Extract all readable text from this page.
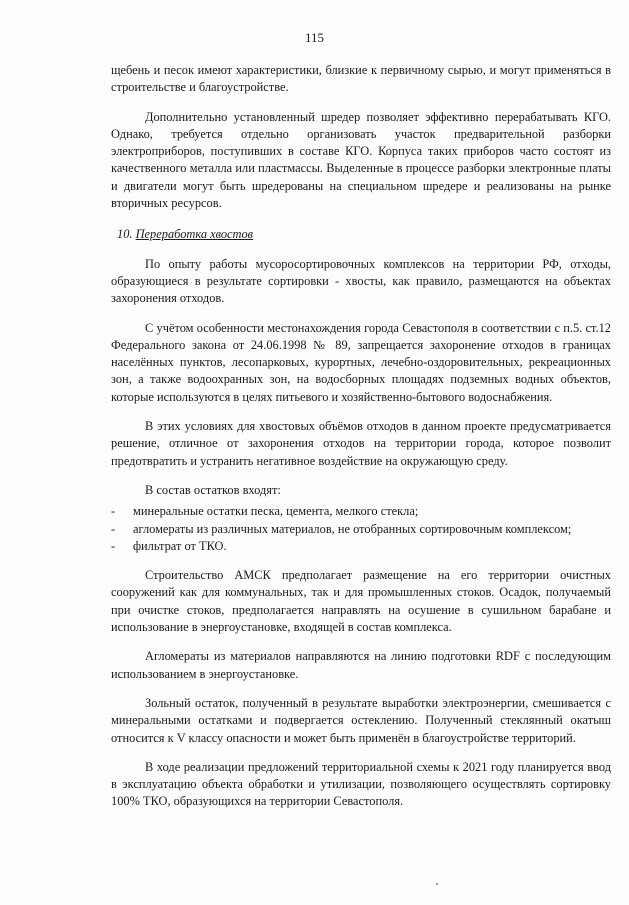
115

щебень и песок имеют характеристики, близкие к первичному сырью, и могут применяться в строительстве и благоустройстве.

Дополнительно установленный шредер позволяет эффективно перерабатывать КГО. Однако, требуется отдельно организовать участок предварительной разборки электроприборов, поступивших в составе КГО. Корпуса таких приборов часто состоят из качественного металла или пластмассы. Выделенные в процессе разборки электронные платы и двигатели могут быть шредерованы на специальном шредере и реализованы на рынке вторичных ресурсов.

10. Переработка хвостов

По опыту работы мусоросортировочных комплексов на территории РФ, отходы, образующиеся в результате сортировки - хвосты, как правило, размещаются на объектах захоронения отходов.

С учётом особенности местонахождения города Севастополя в соответствии с п.5. ст.12 Федерального закона от 24.06.1998 № 89, запрещается захоронение отходов в границах населённых пунктов, лесопарковых, курортных, лечебно-оздоровительных, рекреационных зон, а также водоохранных зон, на водосборных площадях подземных водных объектов, которые используются в целях питьевого и хозяйственно-бытового водоснабжения.

В этих условиях для хвостовых объёмов отходов в данном проекте предусматривается решение, отличное от захоронения отходов на территории города, которое позволит предотвратить и устранить негативное воздействие на окружающую среду.

В состав остатков входят:

-	минеральные остатки песка, цемента, мелкого стекла;
-	агломераты из различных материалов, не отобранных сортировочным комплексом;
-	фильтрат от ТКО.

Строительство АМСК предполагает размещение на его территории очистных сооружений как для коммунальных, так и для промышленных стоков. Осадок, получаемый при очистке стоков, предполагается направлять на осушение в сушильном барабане и использование в энергоустановке, входящей в состав комплекса.

Агломераты из материалов направляются на линию подготовки RDF с последующим использованием в энергоустановке.

Зольный остаток, полученный в результате выработки электроэнергии, смешивается с минеральными остатками и подвергается остеклению. Полученный стеклянный окатыш относится к V классу опасности и может быть применён в благоустройстве территорий.

В ходе реализации предложений территориальной схемы к 2021 году планируется ввод в эксплуатацию объекта обработки и утилизации, позволяющего осуществлять сортировку 100% ТКО, образующихся на территории Севастополя.
